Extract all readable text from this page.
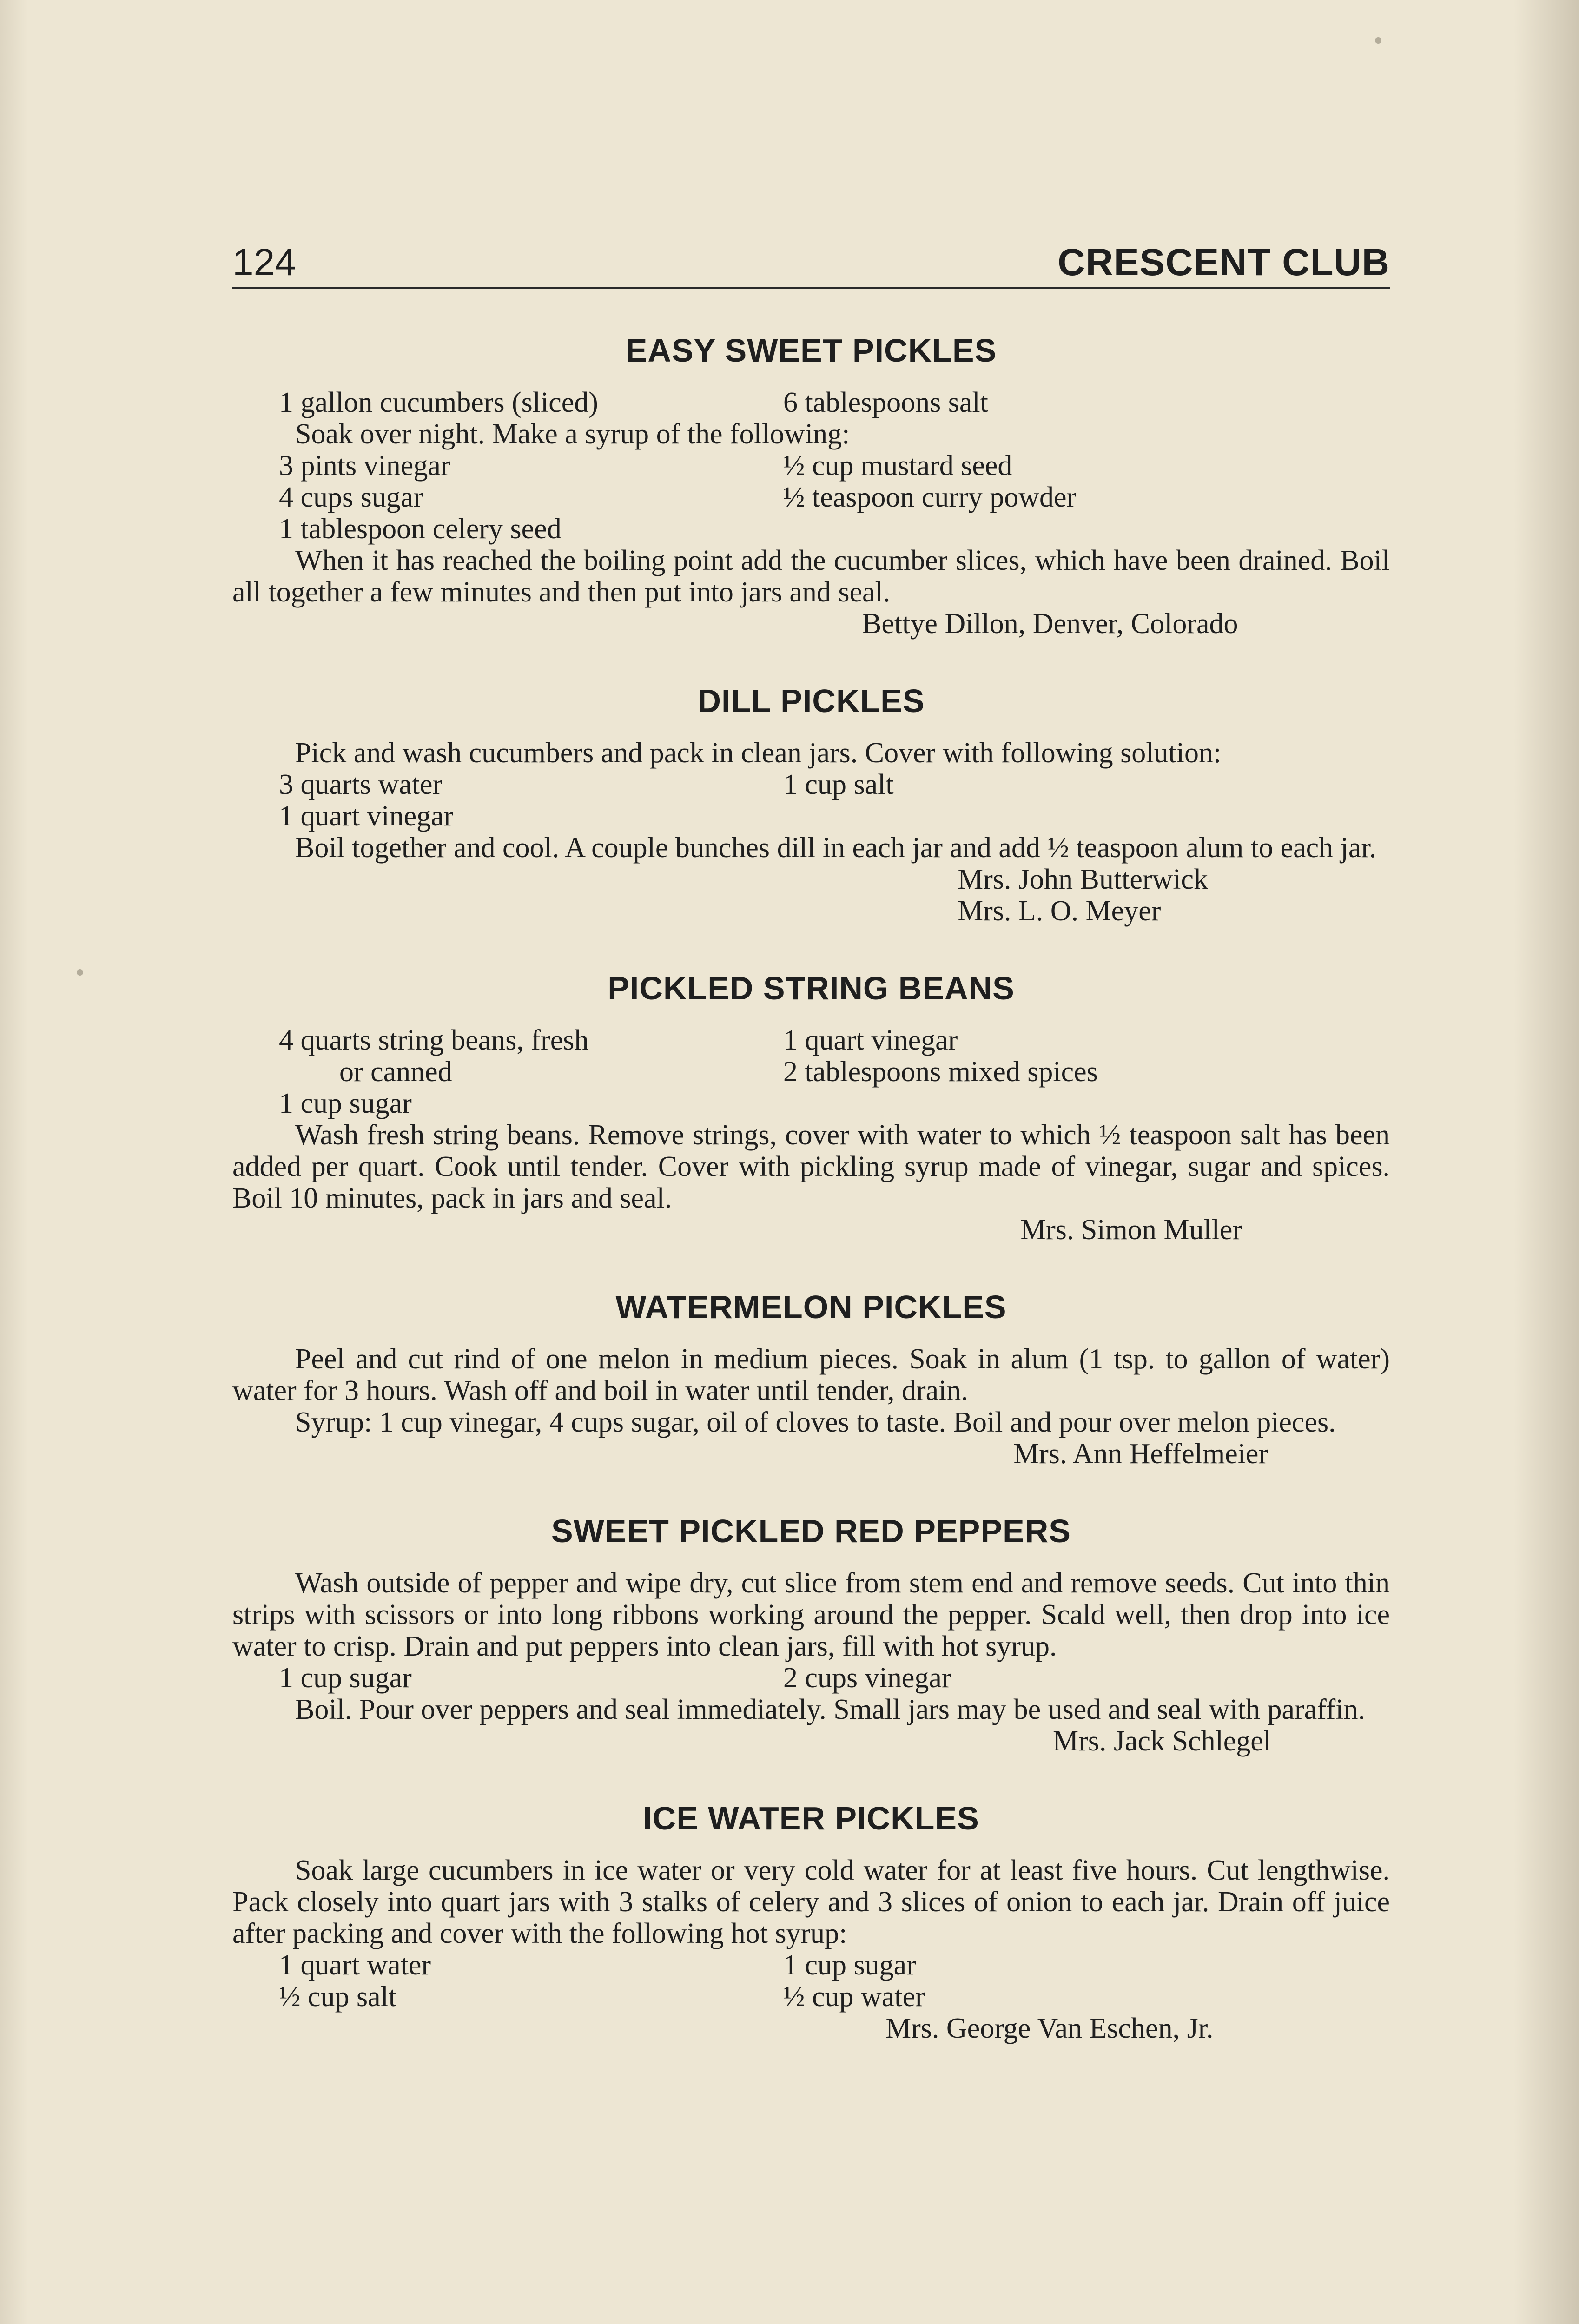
124	CRESCENT CLUB
EASY SWEET PICKLES
1 gallon cucumbers (sliced)	6 tablespoons salt

Soak over night. Make a syrup of the following:

3 pints vinegar	½ cup mustard seed
4 cups sugar	½ teaspoon curry powder
1 tablespoon celery seed

When it has reached the boiling point add the cucumber slices, which have been drained. Boil all together a few minutes and then put into jars and seal.

Bettye Dillon, Denver, Colorado

DILL PICKLES

Pick and wash cucumbers and pack in clean jars. Cover with following solution:

3 quarts water	1 cup salt
1 quart vinegar

Boil together and cool. A couple bunches dill in each jar and add ½ teaspoon alum to each jar.

Mrs. John Butterwick

Mrs. L. O. Meyer

PICKLED STRING BEANS
4 quarts string beans, fresh	1 quart vinegar
or canned	2 tablespoons mixed spices
1 cup sugar

Wash fresh string beans. Remove strings, cover with water to which ½ teaspoon salt has been added per quart. Cook until tender. Cover with pickling syrup made of vinegar, sugar and spices. Boil 10 minutes, pack in jars and seal.

Mrs. Simon Muller

WATERMELON PICKLES

Peel and cut rind of one melon in medium pieces. Soak in alum (1 tsp. to gallon of water) water for 3 hours. Wash off and boil in water until tender, drain.

Syrup: 1 cup vinegar, 4 cups sugar, oil of cloves to taste. Boil and pour over melon pieces.

Mrs. Ann Heffelmeier

SWEET PICKLED RED PEPPERS

Wash outside of pepper and wipe dry, cut slice from stem end and remove seeds. Cut into thin strips with scissors or into long ribbons working around the pepper. Scald well, then drop into ice water to crisp. Drain and put peppers into clean jars, fill with hot syrup.

1 cup sugar	2 cups vinegar

Boil. Pour over peppers and seal immediately. Small jars may be used and seal with paraffin.

Mrs. Jack Schlegel

ICE WATER PICKLES

Soak large cucumbers in ice water or very cold water for at least five hours. Cut lengthwise. Pack closely into quart jars with 3 stalks of celery and 3 slices of onion to each jar. Drain off juice after packing and cover with the following hot syrup:

1 quart water	1 cup sugar
½ cup salt	½ cup water

Mrs. George Van Eschen, Jr.
